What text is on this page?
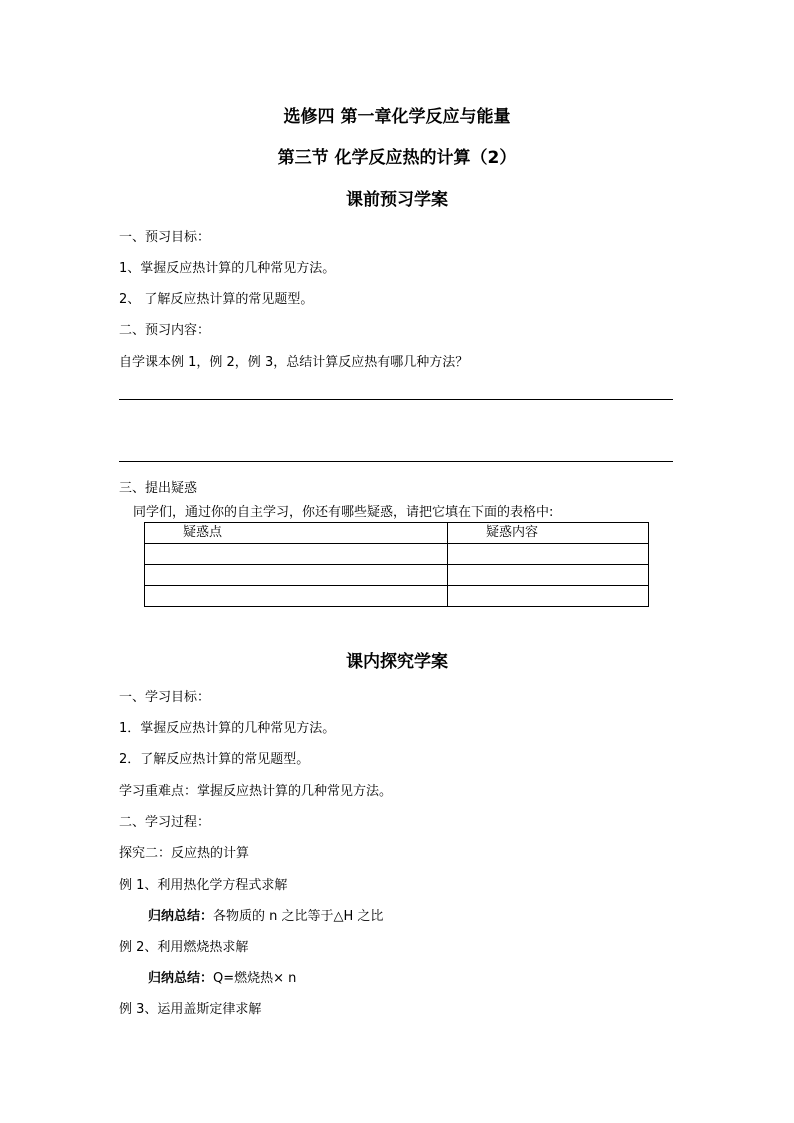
选修四 第一章化学反应与能量
第三节 化学反应热的计算（2）
课前预习学案
一、预习目标：
1、掌握反应热计算的几种常见方法。
2、 了解反应热计算的常见题型。
二、预习内容：
自学课本例 1，例 2，例 3，总结计算反应热有哪几种方法？
三、提出疑惑
同学们，通过你的自主学习，你还有哪些疑惑，请把它填在下面的表格中:
疑惑点	疑惑内容

课内探究学案
一、学习目标：
1．掌握反应热计算的几种常见方法。
2．了解反应热计算的常见题型。
学习重难点：掌握反应热计算的几种常见方法。
二、学习过程：
探究二：反应热的计算
例 1、利用热化学方程式求解
归纳总结：各物质的 n 之比等于△H 之比
例 2、利用燃烧热求解
归纳总结：Q=燃烧热× n
例 3、运用盖斯定律求解
